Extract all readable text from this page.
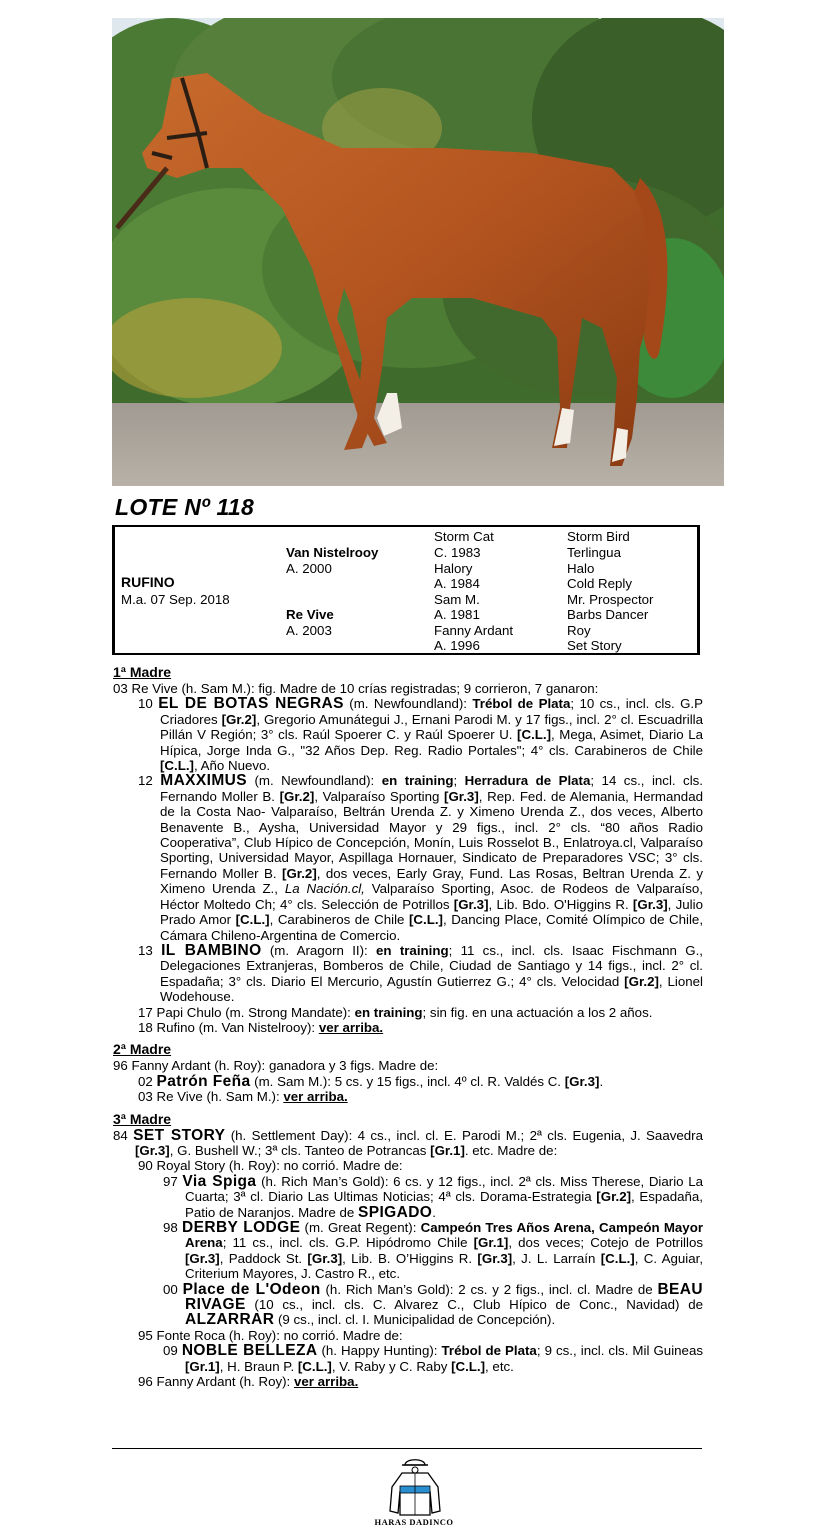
LOTE Nº 118
RUFINO
M.a. 07 Sep. 2018
Van Nistelrooy
A. 2000
Re Vive
A. 2003
Storm Cat
C. 1983
Halory
A. 1984
Sam M.
A. 1981
Fanny Ardant
A. 1996
Storm Bird
Terlingua
Halo
Cold Reply
Mr. Prospector
Barbs Dancer
Roy
Set Story
1ª Madre
03 Re Vive (h. Sam M.): fig. Madre de 10 crías registradas; 9 corrieron, 7 ganaron:
10 EL DE BOTAS NEGRAS (m. Newfoundland): Trébol de Plata; 10 cs., incl. cls. G.P Criadores [Gr.2], Gregorio Amunátegui J., Ernani Parodi M. y 17 figs., incl. 2° cl. Escuadrilla Pillán V Región; 3° cls. Raúl Spoerer C. y Raúl Spoerer U. [C.L.], Mega, Asimet, Diario La Hípica, Jorge Inda G., "32 Años Dep. Reg. Radio Portales"; 4° cls. Carabineros de Chile [C.L.], Año Nuevo.
12 MAXXIMUS (m. Newfoundland): en training; Herradura de Plata; 14 cs., incl. cls. Fernando Moller B. [Gr.2], Valparaíso Sporting [Gr.3], Rep. Fed. de Alemania, Hermandad de la Costa Nao- Valparaíso, Beltrán Urenda Z. y Ximeno Urenda Z., dos veces, Alberto Benavente B., Aysha, Universidad Mayor y 29 figs., incl. 2° cls. “80 años Radio Cooperativa”, Club Hípico de Concepción, Monín, Luis Rosselot B., Enlatroya.cl, Valparaíso Sporting, Universidad Mayor, Aspillaga Hornauer, Sindicato de Preparadores VSC; 3° cls. Fernando Moller B. [Gr.2], dos veces, Early Gray, Fund. Las Rosas, Beltran Urenda Z. y Ximeno Urenda Z., La Nación.cl, Valparaíso Sporting, Asoc. de Rodeos de Valparaíso, Héctor Moltedo Ch; 4° cls. Selección de Potrillos [Gr.3], Lib. Bdo. O'Higgins R. [Gr.3], Julio Prado Amor [C.L.], Carabineros de Chile [C.L.], Dancing Place, Comité Olímpico de Chile, Cámara Chileno-Argentina de Comercio.
13 IL BAMBINO (m. Aragorn II): en training; 11 cs., incl. cls. Isaac Fischmann G., Delegaciones Extranjeras, Bomberos de Chile, Ciudad de Santiago y 14 figs., incl. 2° cl. Espadaña; 3° cls. Diario El Mercurio, Agustín Gutierrez G.; 4° cls. Velocidad [Gr.2], Lionel Wodehouse.
17 Papi Chulo (m. Strong Mandate): en training; sin fig. en una actuación a los 2 años.
18 Rufino (m. Van Nistelrooy): ver arriba.
2ª Madre
96 Fanny Ardant (h. Roy): ganadora y 3 figs. Madre de:
02 Patrón Feña (m. Sam M.): 5 cs. y 15 figs., incl. 4º cl. R. Valdés C. [Gr.3].
03 Re Vive (h. Sam M.): ver arriba.
3ª Madre
84 SET STORY (h. Settlement Day): 4 cs., incl. cl. E. Parodi M.; 2ª cls. Eugenia, J. Saavedra [Gr.3], G. Bushell W.; 3ª cls. Tanteo de Potrancas [Gr.1]. etc. Madre de:
90 Royal Story (h. Roy): no corrió. Madre de:
97 Via Spiga (h. Rich Man’s Gold): 6 cs. y 12 figs., incl. 2ª cls. Miss Therese, Diario La Cuarta; 3ª cl. Diario Las Ultimas Noticias; 4ª cls. Dorama-Estrategia [Gr.2], Espadaña, Patio de Naranjos. Madre de SPIGADO.
98 DERBY LODGE (m. Great Regent): Campeón Tres Años Arena, Campeón Mayor Arena; 11 cs., incl. cls. G.P. Hipódromo Chile [Gr.1], dos veces; Cotejo de Potrillos [Gr.3], Paddock St. [Gr.3], Lib. B. O’Higgins R. [Gr.3], J. L. Larraín [C.L.], C. Aguiar, Criterium Mayores, J. Castro R., etc.
00 Place de L'Odeon (h. Rich Man’s Gold): 2 cs. y 2 figs., incl. cl. Madre de BEAU RIVAGE (10 cs., incl. cls. C. Alvarez C., Club Hípico de Conc., Navidad) de ALZARRAR (9 cs., incl. cl. I. Municipalidad de Concepción).
95 Fonte Roca (h. Roy): no corrió. Madre de:
09 NOBLE BELLEZA (h. Happy Hunting): Trébol de Plata; 9 cs., incl. cls. Mil Guineas [Gr.1], H. Braun P. [C.L.], V. Raby y C. Raby [C.L.], etc.
96 Fanny Ardant (h. Roy): ver arriba.
HARAS DADINCO
